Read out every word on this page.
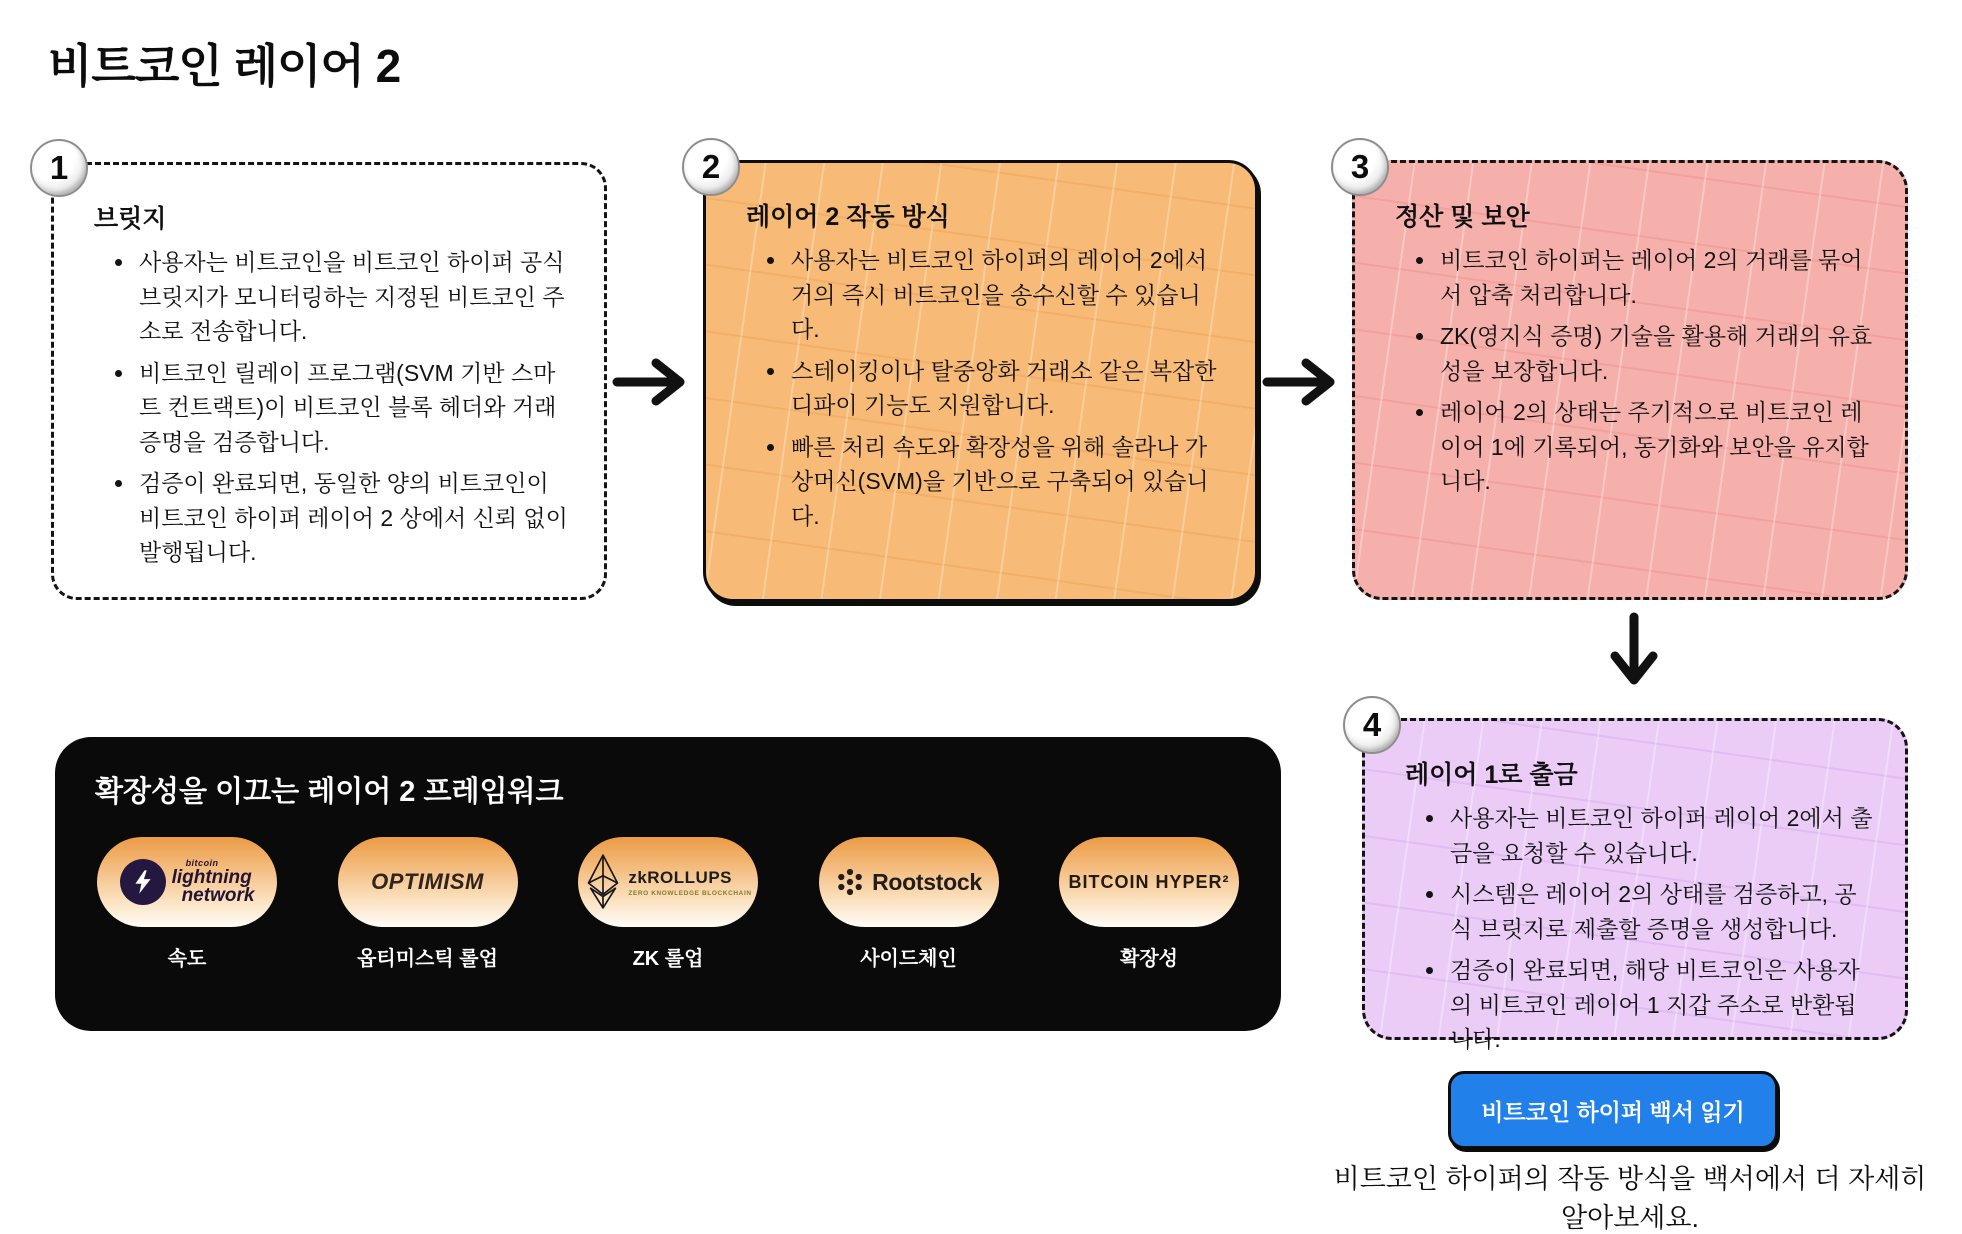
비트코인 레이어 2
1	2	3
4
브릿지
• 사용자는 비트코인을 비트코인 하이퍼 공식 브릿지가 모니터링하는 지정된 비트코인 주소로 전송합니다.
• 비트코인 릴레이 프로그램(SVM 기반 스마트 컨트랙트)이 비트코인 블록 헤더와 거래 증명을 검증합니다.
• 검증이 완료되면, 동일한 양의 비트코인이 비트코인 하이퍼 레이어 2 상에서 신뢰 없이 발행됩니다.
레이어 2 작동 방식
• 사용자는 비트코인 하이퍼의 레이어 2에서 거의 즉시 비트코인을 송수신할 수 있습니다.
• 스테이킹이나 탈중앙화 거래소 같은 복잡한 디파이 기능도 지원합니다.
• 빠른 처리 속도와 확장성을 위해 솔라나 가상머신(SVM)을 기반으로 구축되어 있습니다.
정산 및 보안
• 비트코인 하이퍼는 레이어 2의 거래를 묶어서 압축 처리합니다.
• ZK(영지식 증명) 기술을 활용해 거래의 유효성을 보장합니다.
• 레이어 2의 상태는 주기적으로 비트코인 레이어 1에 기록되어, 동기화와 보안을 유지합니다.
레이어 1로 출금
• 사용자는 비트코인 하이퍼 레이어 2에서 출금을 요청할 수 있습니다.
• 시스템은 레이어 2의 상태를 검증하고, 공식 브릿지로 제출할 증명을 생성합니다.
• 검증이 완료되면, 해당 비트코인은 사용자의 비트코인 레이어 1 지갑 주소로 반환됩니다.
확장성을 이끄는 레이어 2 프레임워크
bitcoin
lightning
network
속도
OPTIMISM
옵티미스틱 롤업
zkROLLUPS
ZERO KNOWLEDGE BLOCKCHAIN
ZK 롤업
Rootstock
사이드체인
BITCOIN HYPER²
확장성
비트코인 하이퍼 백서 읽기
비트코인 하이퍼의 작동 방식을 백서에서 더 자세히 알아보세요.
